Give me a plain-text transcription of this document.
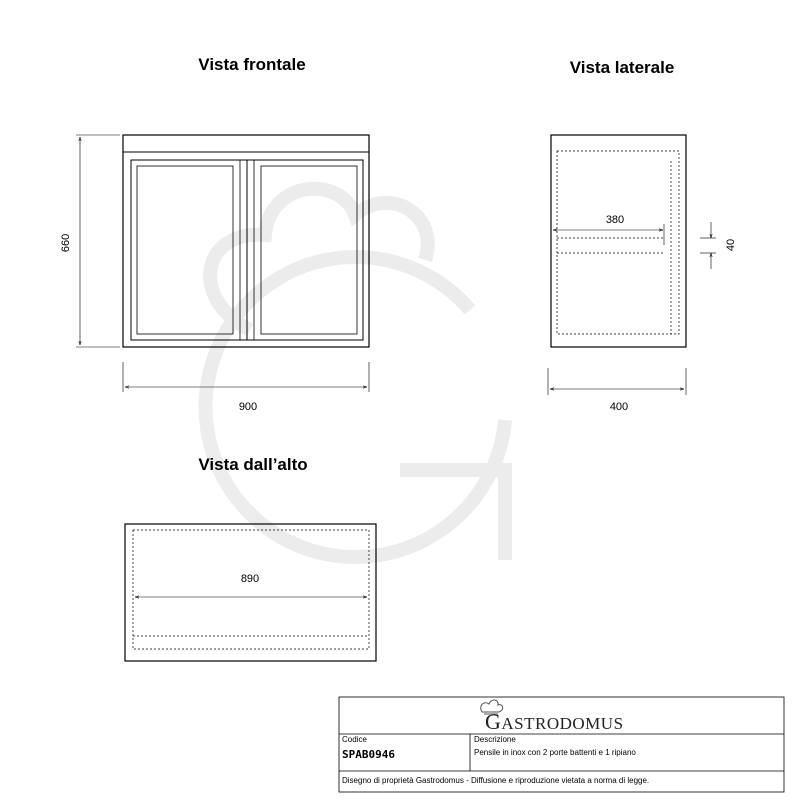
Vista frontale
660
900
Vista laterale
380
40
400
Vista dall’alto
890
GASTRODOMUS
Codice
SPAB0946
Descrizione
Pensile in inox con 2 porte battenti e 1 ripiano
Disegno di proprietà Gastrodomus - Diffusione e riproduzione vietata a norma di legge.
